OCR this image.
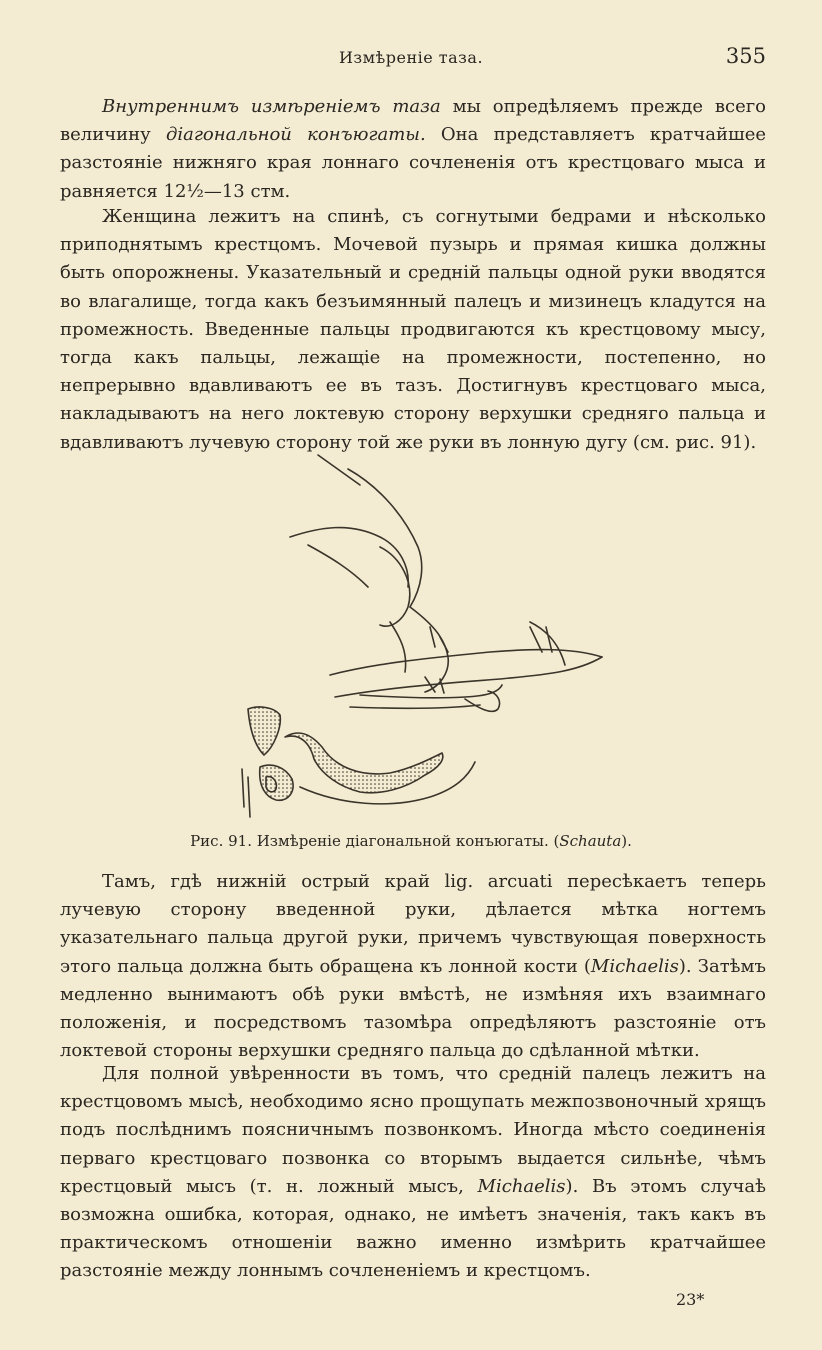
Измѣреніе таза.	355

Внутреннимъ измѣреніемъ таза мы опредѣляемъ прежде всего величину діагональной конъюгаты. Она представляетъ кратчайшее разстояніе нижняго края лоннаго сочлененія отъ крестцоваго мыса и равняется 12½—13 стм.

Женщина лежитъ на спинѣ, съ согнутыми бедрами и нѣсколько приподнятымъ крестцомъ. Мочевой пузырь и прямая кишка должны быть опорожнены. Указательный и средній пальцы одной руки вводятся во влагалище, тогда какъ безъимянный палецъ и мизинецъ кладутся на промежность. Введенные пальцы продвигаются къ крестцовому мысу, тогда какъ пальцы, лежащіе на промежности, постепенно, но непрерывно вдавливаютъ ее въ тазъ. Достигнувъ крестцоваго мыса, накладываютъ на него локтевую сторону верхушки средняго пальца и вдавливаютъ лучевую сторону той же руки въ лонную дугу (см. рис. 91).

Рис. 91. Измѣреніе діагональной конъюгаты. (Schauta).

Тамъ, гдѣ нижній острый край lig. arcuati пересѣкаетъ теперь лучевую сторону введенной руки, дѣлается мѣтка ногтемъ указательнаго пальца другой руки, причемъ чувствующая поверхность этого пальца должна быть обращена къ лонной кости (Michaelis). Затѣмъ медленно вынимаютъ обѣ руки вмѣстѣ, не измѣняя ихъ взаимнаго положенія, и посредствомъ тазомѣра опредѣляютъ разстояніе отъ локтевой стороны верхушки средняго пальца до сдѣланной мѣтки.

Для полной увѣренности въ томъ, что средній палецъ лежитъ на крестцовомъ мысѣ, необходимо ясно прощупать межпозвоночный хрящъ подъ послѣднимъ поясничнымъ позвонкомъ. Иногда мѣсто соединенія перваго крестцоваго позвонка со вторымъ выдается сильнѣе, чѣмъ крестцовый мысъ (т. н. ложный мысъ, Michaelis). Въ этомъ случаѣ возможна ошибка, которая, однако, не имѣетъ значенія, такъ какъ въ практическомъ отношеніи важно именно измѣрить кратчайшее разстояніе между лоннымъ сочлененіемъ и крестцомъ.

23*
